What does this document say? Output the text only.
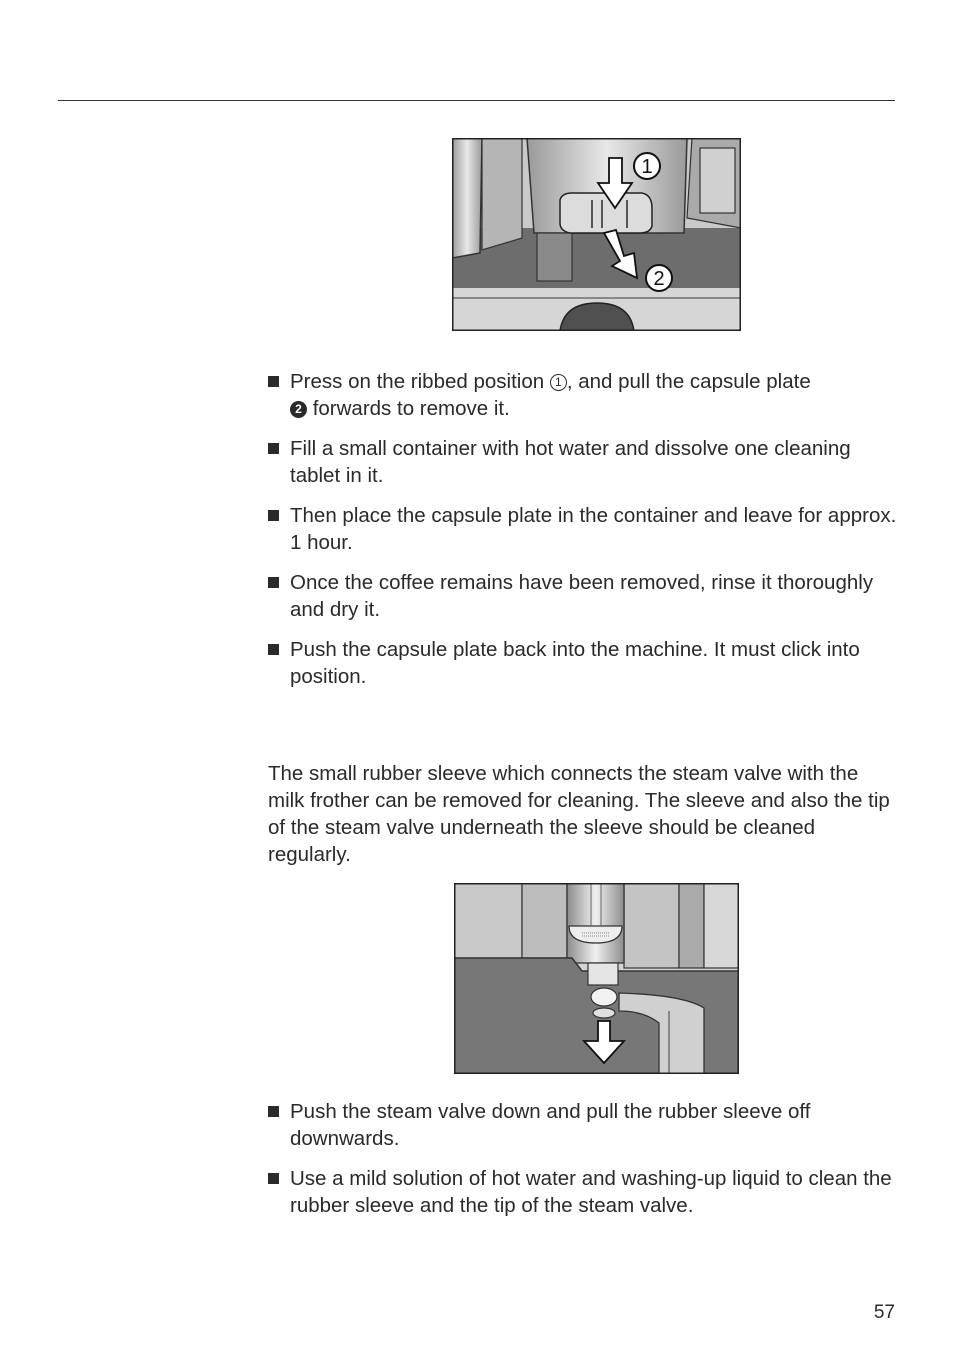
1
2
Press on the ribbed position 1 , and pull the capsule plate
2 forwards to remove it.
Fill a small container with hot water and dissolve one cleaning tablet in it.
Then place the capsule plate in the container and leave for approx. 1 hour.
Once the coffee remains have been removed, rinse it thoroughly and dry it.
Push the capsule plate back into the machine. It must click into position.

The small rubber sleeve which connects the steam valve with the milk frother can be removed for cleaning. The sleeve and also the tip of the steam valve underneath the sleeve should be cleaned regularly.

Push the steam valve down and pull the rubber sleeve off downwards.
Use a mild solution of hot water and washing-up liquid to clean the rubber sleeve and the tip of the steam valve.
57
